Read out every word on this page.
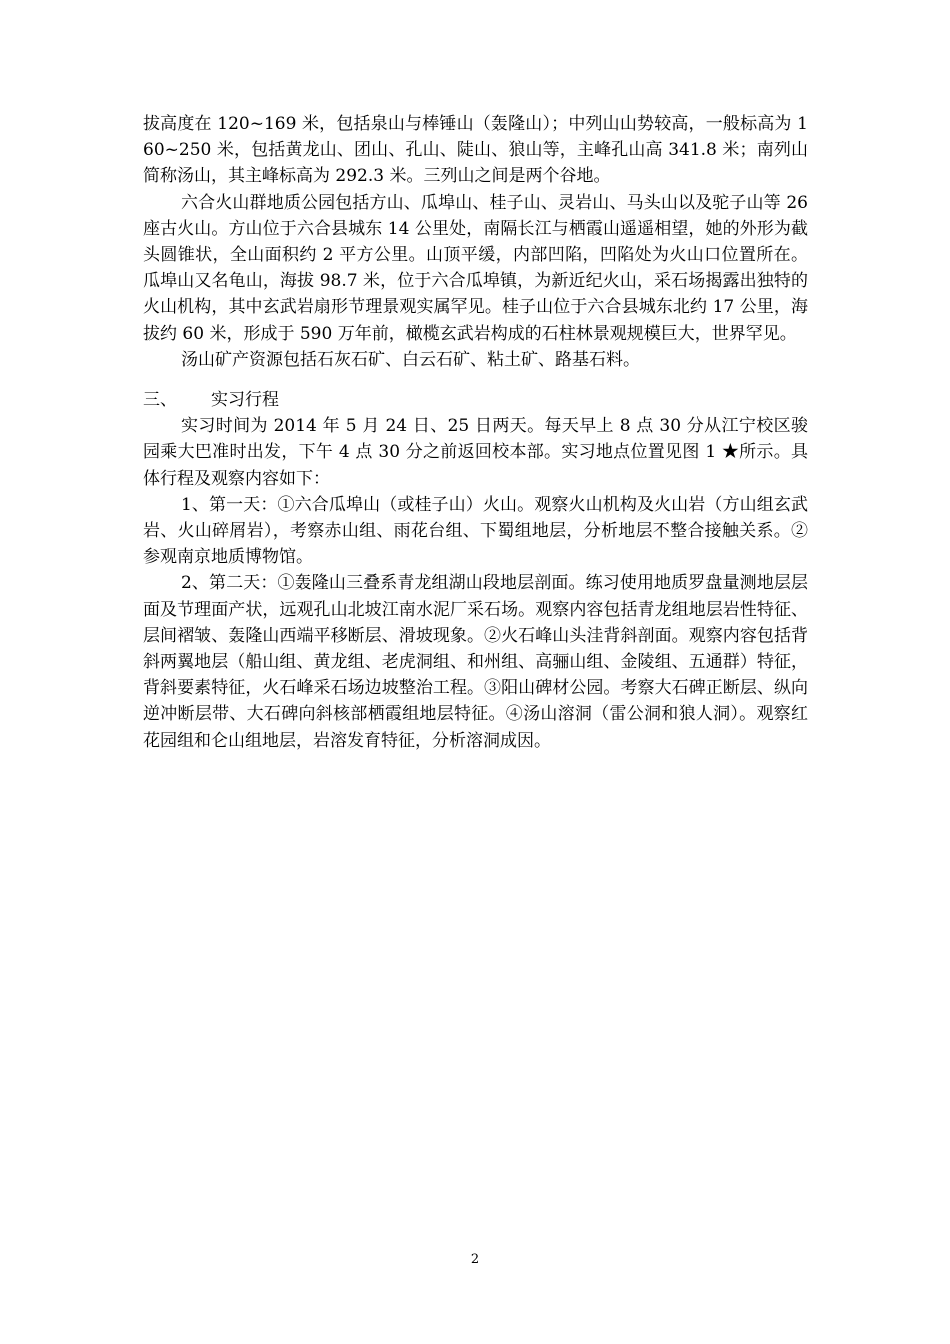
拔高度在 120~169 米，包括泉山与棒锤山（轰隆山）；中列山山势较高，一般标高为 160~250 米，包括黄龙山、团山、孔山、陡山、狼山等，主峰孔山高 341.8 米；南列山简称汤山，其主峰标高为 292.3 米。三列山之间是两个谷地。

六合火山群地质公园包括方山、瓜埠山、桂子山、灵岩山、马头山以及驼子山等 26 座古火山。方山位于六合县城东 14 公里处，南隔长江与栖霞山遥遥相望，她的外形为截头圆锥状，全山面积约 2 平方公里。山顶平缓，内部凹陷，凹陷处为火山口位置所在。瓜埠山又名龟山，海拔 98.7 米，位于六合瓜埠镇，为新近纪火山，采石场揭露出独特的火山机构，其中玄武岩扇形节理景观实属罕见。桂子山位于六合县城东北约 17 公里，海拔约 60 米，形成于 590 万年前，橄榄玄武岩构成的石柱林景观规模巨大，世界罕见。

汤山矿产资源包括石灰石矿、白云石矿、粘土矿、路基石料。

三、 实习行程

实习时间为 2014 年 5 月 24 日、25 日两天。每天早上 8 点 30 分从江宁校区骏园乘大巴准时出发，下午 4 点 30 分之前返回校本部。实习地点位置见图 1 ★所示。具体行程及观察内容如下：

1、第一天：①六合瓜埠山（或桂子山）火山。观察火山机构及火山岩（方山组玄武岩、火山碎屑岩），考察赤山组、雨花台组、下蜀组地层，分析地层不整合接触关系。②参观南京地质博物馆。

2、第二天：①轰隆山三叠系青龙组湖山段地层剖面。练习使用地质罗盘量测地层层面及节理面产状，远观孔山北坡江南水泥厂采石场。观察内容包括青龙组地层岩性特征、层间褶皱、轰隆山西端平移断层、滑坡现象。②火石峰山头洼背斜剖面。观察内容包括背斜两翼地层（船山组、黄龙组、老虎洞组、和州组、高骊山组、金陵组、五通群）特征，背斜要素特征，火石峰采石场边坡整治工程。③阳山碑材公园。考察大石碑正断层、纵向逆冲断层带、大石碑向斜核部栖霞组地层特征。④汤山溶洞（雷公洞和狼人洞）。观察红花园组和仑山组地层，岩溶发育特征，分析溶洞成因。

2
